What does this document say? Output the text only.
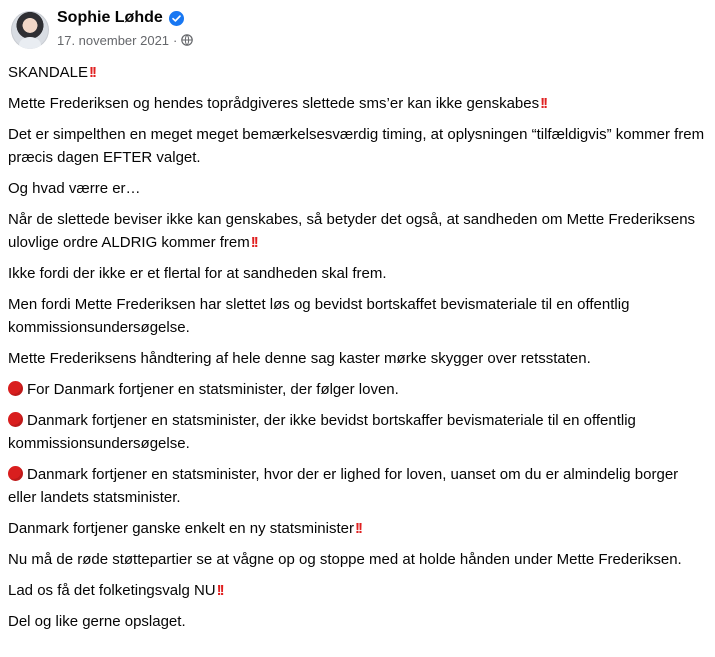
Sophie Løhde
17. november 2021 ·

SKANDALE!!

Mette Frederiksen og hendes toprådgiveres slettede sms’er kan ikke genskabes!!

Det er simpelthen en meget meget bemærkelsesværdig timing, at oplysningen “tilfældigvis” kommer frem præcis dagen EFTER valget.

Og hvad værre er…

Når de slettede beviser ikke kan genskabes, så betyder det også, at sandheden om Mette Frederiksens ulovlige ordre ALDRIG kommer frem!!

Ikke fordi der ikke er et flertal for at sandheden skal frem.

Men fordi Mette Frederiksen har slettet løs og bevidst bortskaffet bevismateriale til en offentlig kommissionsundersøgelse.

Mette Frederiksens håndtering af hele denne sag kaster mørke skygger over retsstaten.

For Danmark fortjener en statsminister, der følger loven.

Danmark fortjener en statsminister, der ikke bevidst bortskaffer bevismateriale til en offentlig kommissionsundersøgelse.

Danmark fortjener en statsminister, hvor der er lighed for loven, uanset om du er almindelig borger eller landets statsminister.

Danmark fortjener ganske enkelt en ny statsminister!!

Nu må de røde støttepartier se at vågne op og stoppe med at holde hånden under Mette Frederiksen.

Lad os få det folketingsvalg NU!!

Del og like gerne opslaget.
